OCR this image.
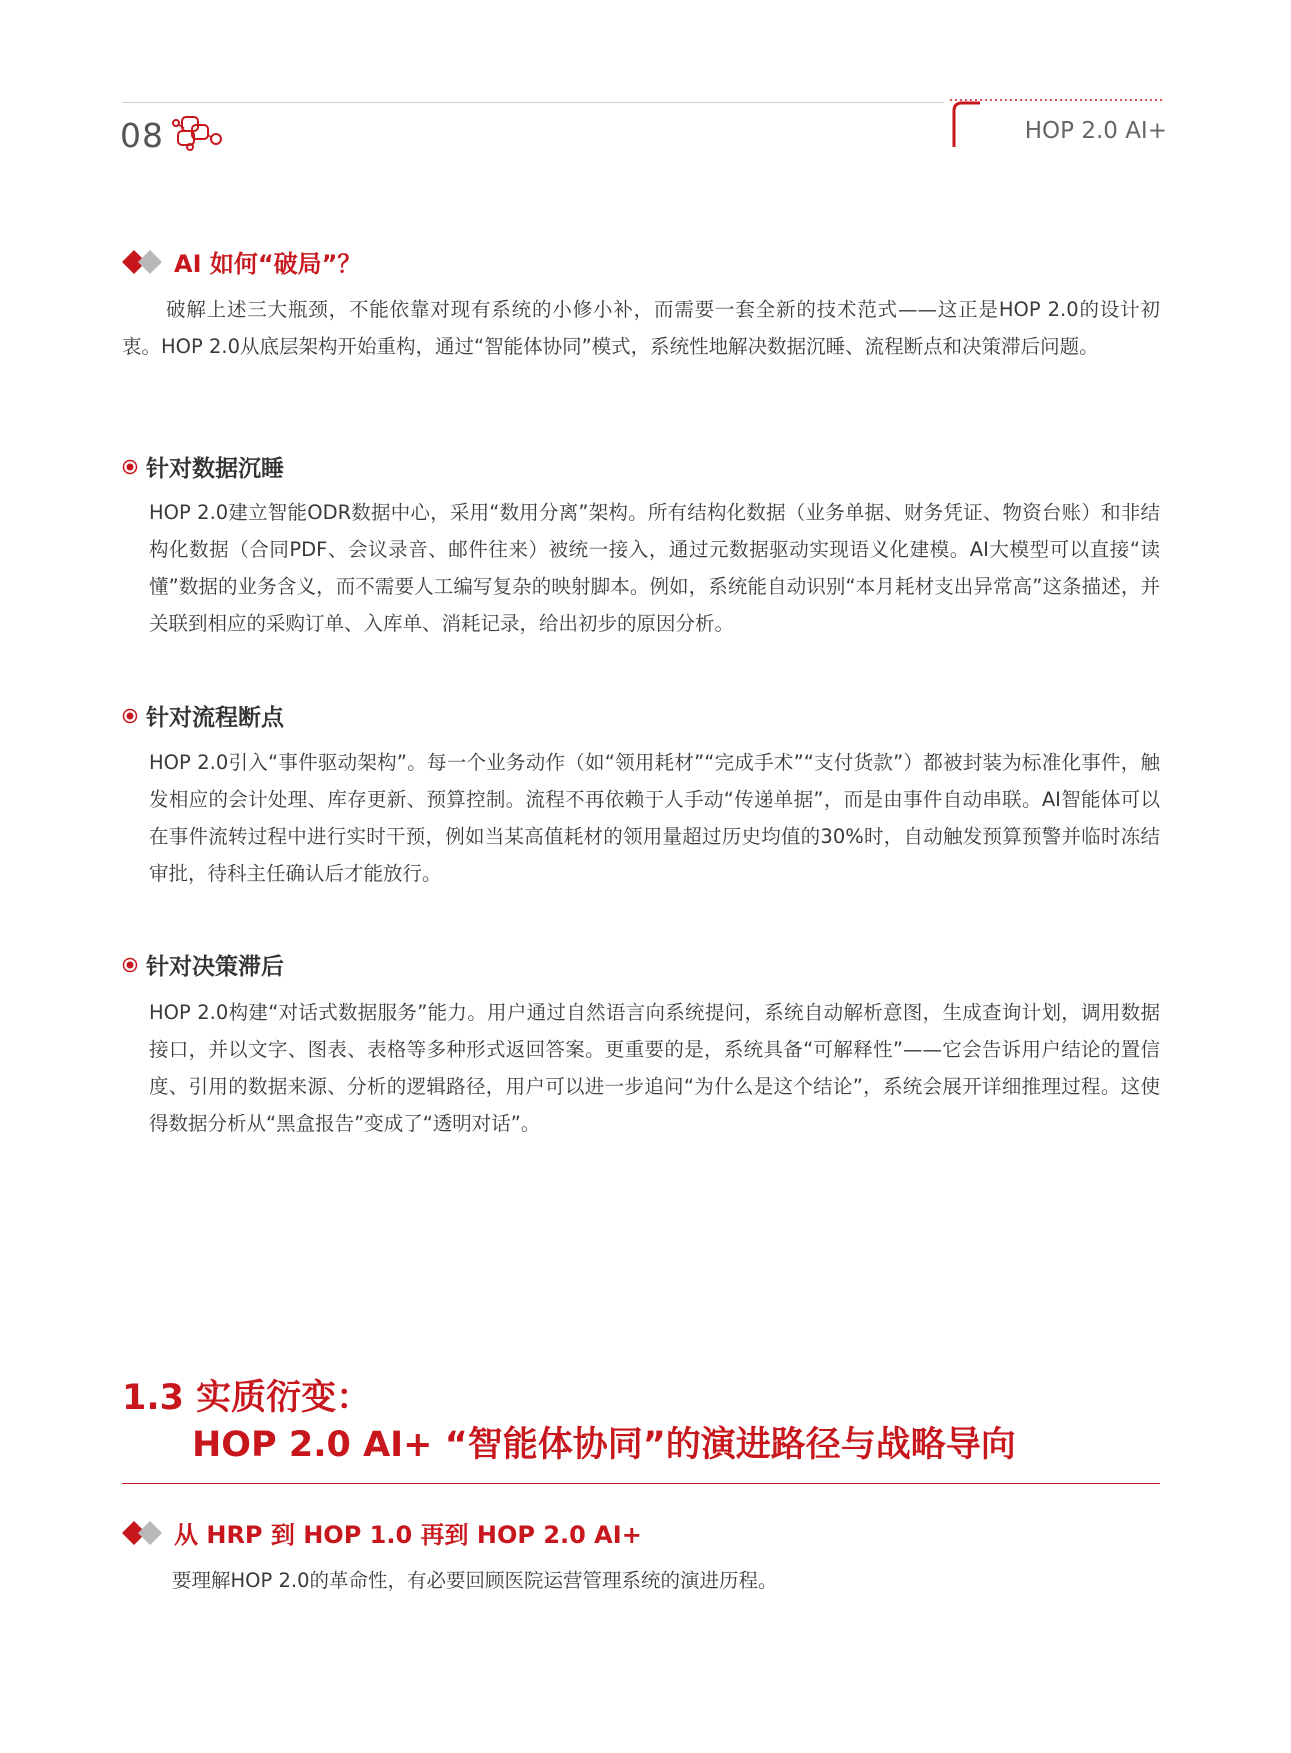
08	HOP 2.0 AI+
AI 如何“破局”？
破解上述三大瓶颈，不能依靠对现有系统的小修小补，而需要一套全新的技术范式——这正是HOP 2.0的设计初衷。HOP 2.0从底层架构开始重构，通过“智能体协同”模式，系统性地解决数据沉睡、流程断点和决策滞后问题。
针对数据沉睡
HOP 2.0建立智能ODR数据中心，采用“数用分离”架构。所有结构化数据（业务单据、财务凭证、物资台账）和非结构化数据（合同PDF、会议录音、邮件往来）被统一接入，通过元数据驱动实现语义化建模。AI大模型可以直接“读懂”数据的业务含义，而不需要人工编写复杂的映射脚本。例如，系统能自动识别“本月耗材支出异常高”这条描述，并关联到相应的采购订单、入库单、消耗记录，给出初步的原因分析。
针对流程断点
HOP 2.0引入“事件驱动架构”。每一个业务动作（如“领用耗材”“完成手术”“支付货款”）都被封装为标准化事件，触发相应的会计处理、库存更新、预算控制。流程不再依赖于人手动“传递单据”，而是由事件自动串联。AI智能体可以在事件流转过程中进行实时干预，例如当某高值耗材的领用量超过历史均值的30%时，自动触发预算预警并临时冻结审批，待科主任确认后才能放行。
针对决策滞后
HOP 2.0构建“对话式数据服务”能力。用户通过自然语言向系统提问，系统自动解析意图，生成查询计划，调用数据接口，并以文字、图表、表格等多种形式返回答案。更重要的是，系统具备“可解释性”——它会告诉用户结论的置信度、引用的数据来源、分析的逻辑路径，用户可以进一步追问“为什么是这个结论”，系统会展开详细推理过程。这使得数据分析从“黑盒报告”变成了“透明对话”。
1.3 实质衍变：
HOP 2.0 AI+ “智能体协同”的演进路径与战略导向
从 HRP 到 HOP 1.0 再到 HOP 2.0 AI+
要理解HOP 2.0的革命性，有必要回顾医院运营管理系统的演进历程。
